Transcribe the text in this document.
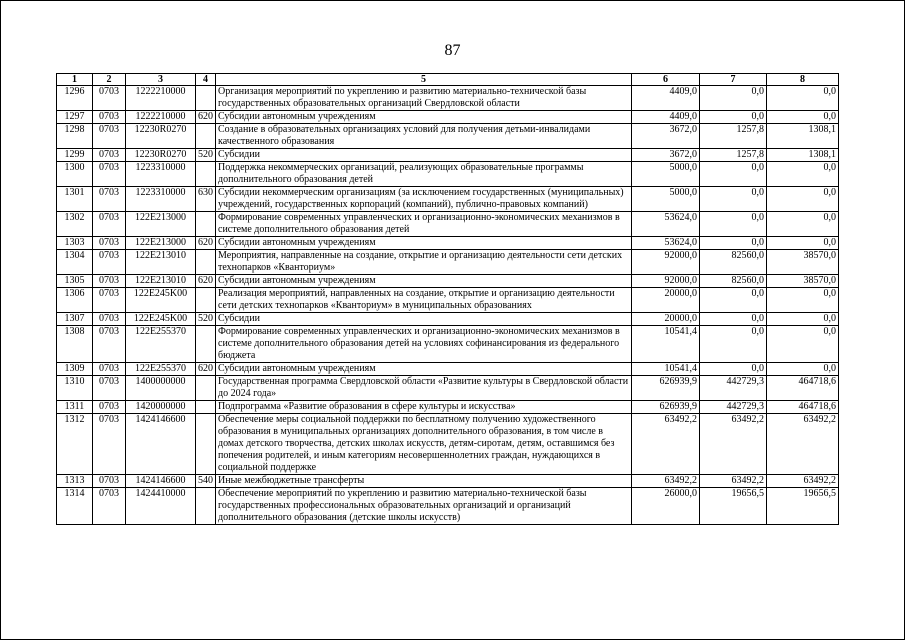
87
1	2	3	4	5	6	7	8
1296	0703	1222210000		Организация мероприятий по укреплению и развитию материально-технической базы государственных образовательных организаций Свердловской области	4409,0	0,0	0,0
1297	0703	1222210000	620	Субсидии автономным учреждениям	4409,0	0,0	0,0
1298	0703	12230R0270		Создание в образовательных организациях условий для получения детьми-инвалидами качественного образования	3672,0	1257,8	1308,1
1299	0703	12230R0270	520	Субсидии	3672,0	1257,8	1308,1
1300	0703	1223310000		Поддержка некоммерческих организаций, реализующих образовательные программы дополнительного образования детей	5000,0	0,0	0,0
1301	0703	1223310000	630	Субсидии некоммерческим организациям (за исключением государственных (муниципальных) учреждений, государственных корпораций (компаний), публично-правовых компаний)	5000,0	0,0	0,0
1302	0703	122E213000		Формирование современных управленческих и организационно-экономических механизмов в системе дополнительного образования детей	53624,0	0,0	0,0
1303	0703	122E213000	620	Субсидии автономным учреждениям	53624,0	0,0	0,0
1304	0703	122E213010		Мероприятия, направленные на создание, открытие и организацию деятельности сети детских технопарков «Кванториум»	92000,0	82560,0	38570,0
1305	0703	122E213010	620	Субсидии автономным учреждениям	92000,0	82560,0	38570,0
1306	0703	122E245K00		Реализация мероприятий, направленных на создание, открытие и организацию деятельности сети детских технопарков «Кванториум» в муниципальных образованиях	20000,0	0,0	0,0
1307	0703	122E245K00	520	Субсидии	20000,0	0,0	0,0
1308	0703	122E255370		Формирование современных управленческих и организационно-экономических механизмов в системе дополнительного образования детей на условиях софинансирования из федерального бюджета	10541,4	0,0	0,0
1309	0703	122E255370	620	Субсидии автономным учреждениям	10541,4	0,0	0,0
1310	0703	1400000000		Государственная программа Свердловской области «Развитие культуры в Свердловской области до 2024 года»	626939,9	442729,3	464718,6
1311	0703	1420000000		Подпрограмма «Развитие образования в сфере культуры и искусства»	626939,9	442729,3	464718,6
1312	0703	1424146600		Обеспечение меры социальной поддержки по бесплатному получению художественного образования в муниципальных организациях дополнительного образования, в том числе в домах детского творчества, детских школах искусств, детям-сиротам, детям, оставшимся без попечения родителей, и иным категориям несовершеннолетних граждан, нуждающихся в социальной поддержке	63492,2	63492,2	63492,2
1313	0703	1424146600	540	Иные межбюджетные трансферты	63492,2	63492,2	63492,2
1314	0703	1424410000		Обеспечение мероприятий по укреплению и развитию материально-технической базы государственных профессиональных образовательных организаций и организаций дополнительного образования (детские школы искусств)	26000,0	19656,5	19656,5
